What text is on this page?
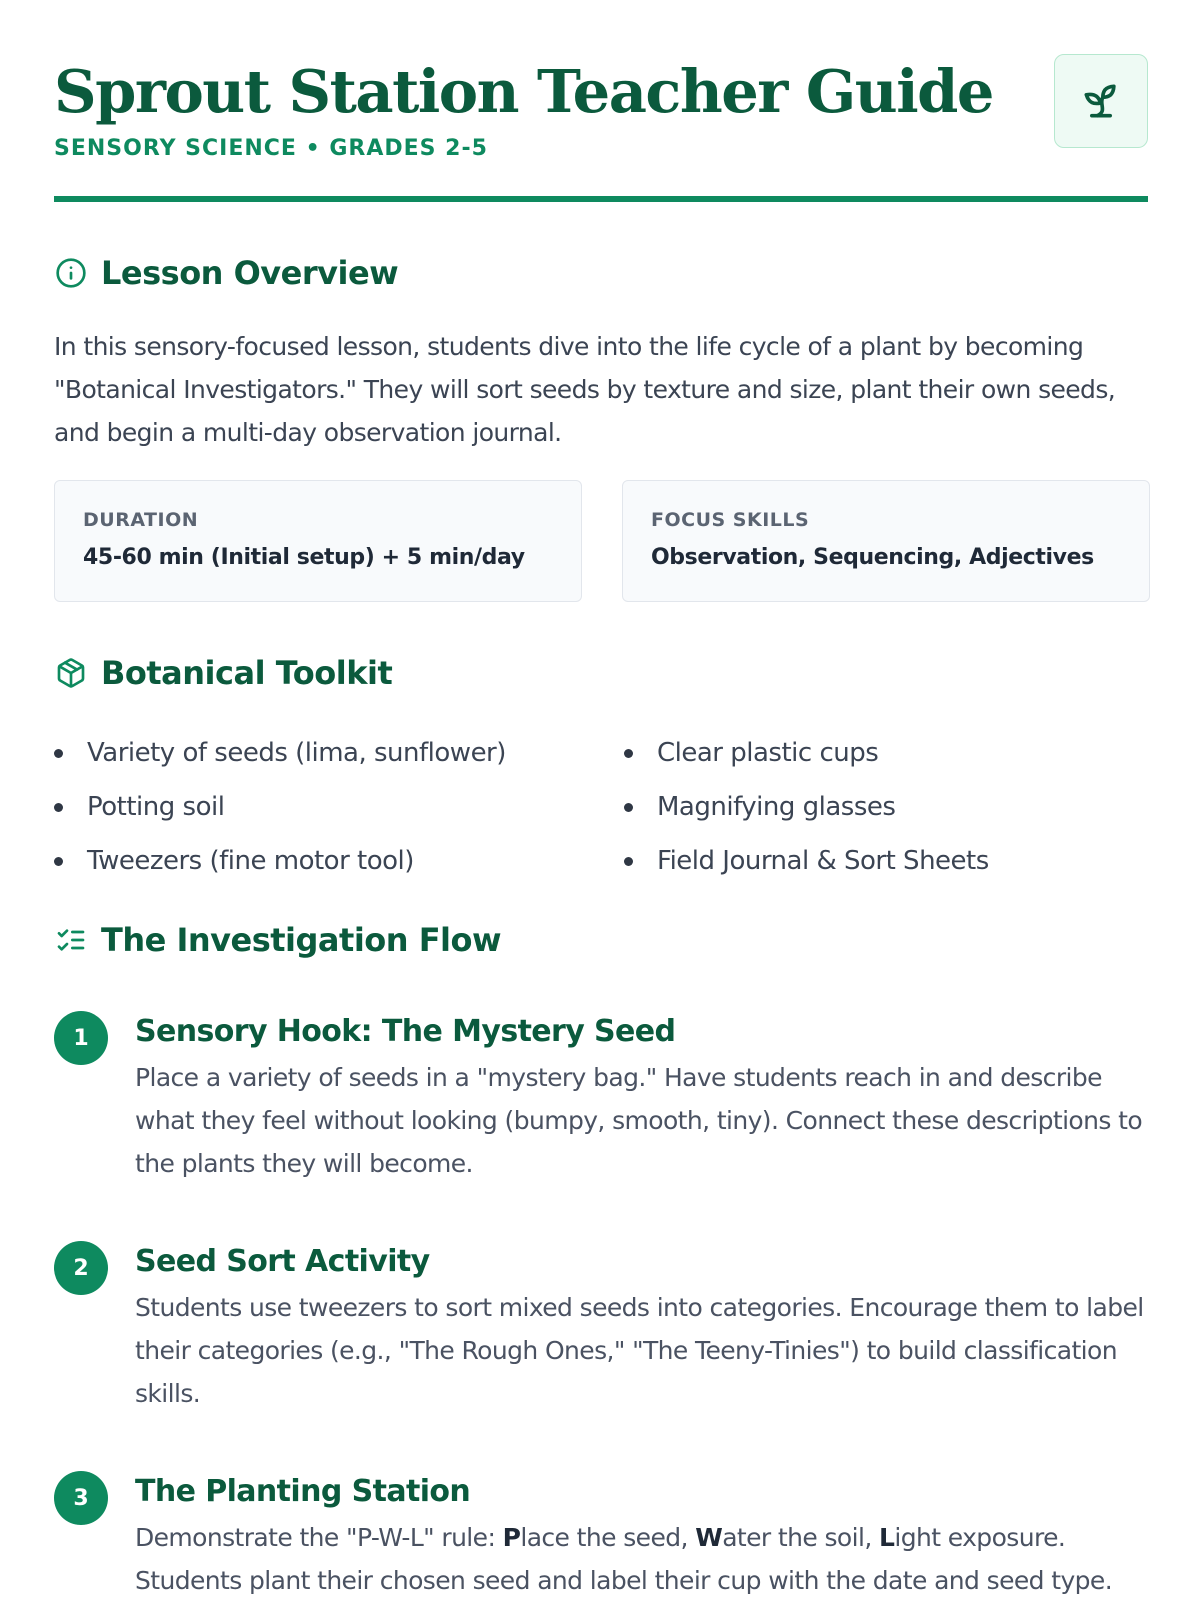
Sprout Station Teacher Guide
SENSORY SCIENCE • GRADES 2-5
Lesson Overview

In this sensory-focused lesson, students dive into the life cycle of a plant by becoming "Botanical Investigators." They will sort seeds by texture and size, plant their own seeds, and begin a multi-day observation journal.

DURATION
45-60 min (Initial setup) + 5 min/day
FOCUS SKILLS
Observation, Sequencing, Adjectives
Botanical Toolkit
Variety of seeds (lima, sunflower)
Potting soil
Tweezers (fine motor tool)
Clear plastic cups
Magnifying glasses
Field Journal & Sort Sheets
The Investigation Flow
1	Sensory Hook: The Mystery Seed

Place a variety of seeds in a "mystery bag." Have students reach in and describe what they feel without looking (bumpy, smooth, tiny). Connect these descriptions to the plants they will become.

2	Seed Sort Activity

Students use tweezers to sort mixed seeds into categories. Encourage them to label their categories (e.g., "The Rough Ones," "The Teeny-Tinies") to build classification skills.

3	The Planting Station

Demonstrate the "P-W-L" rule: Place the seed, Water the soil, Light exposure. Students plant their chosen seed and label their cup with the date and seed type.
